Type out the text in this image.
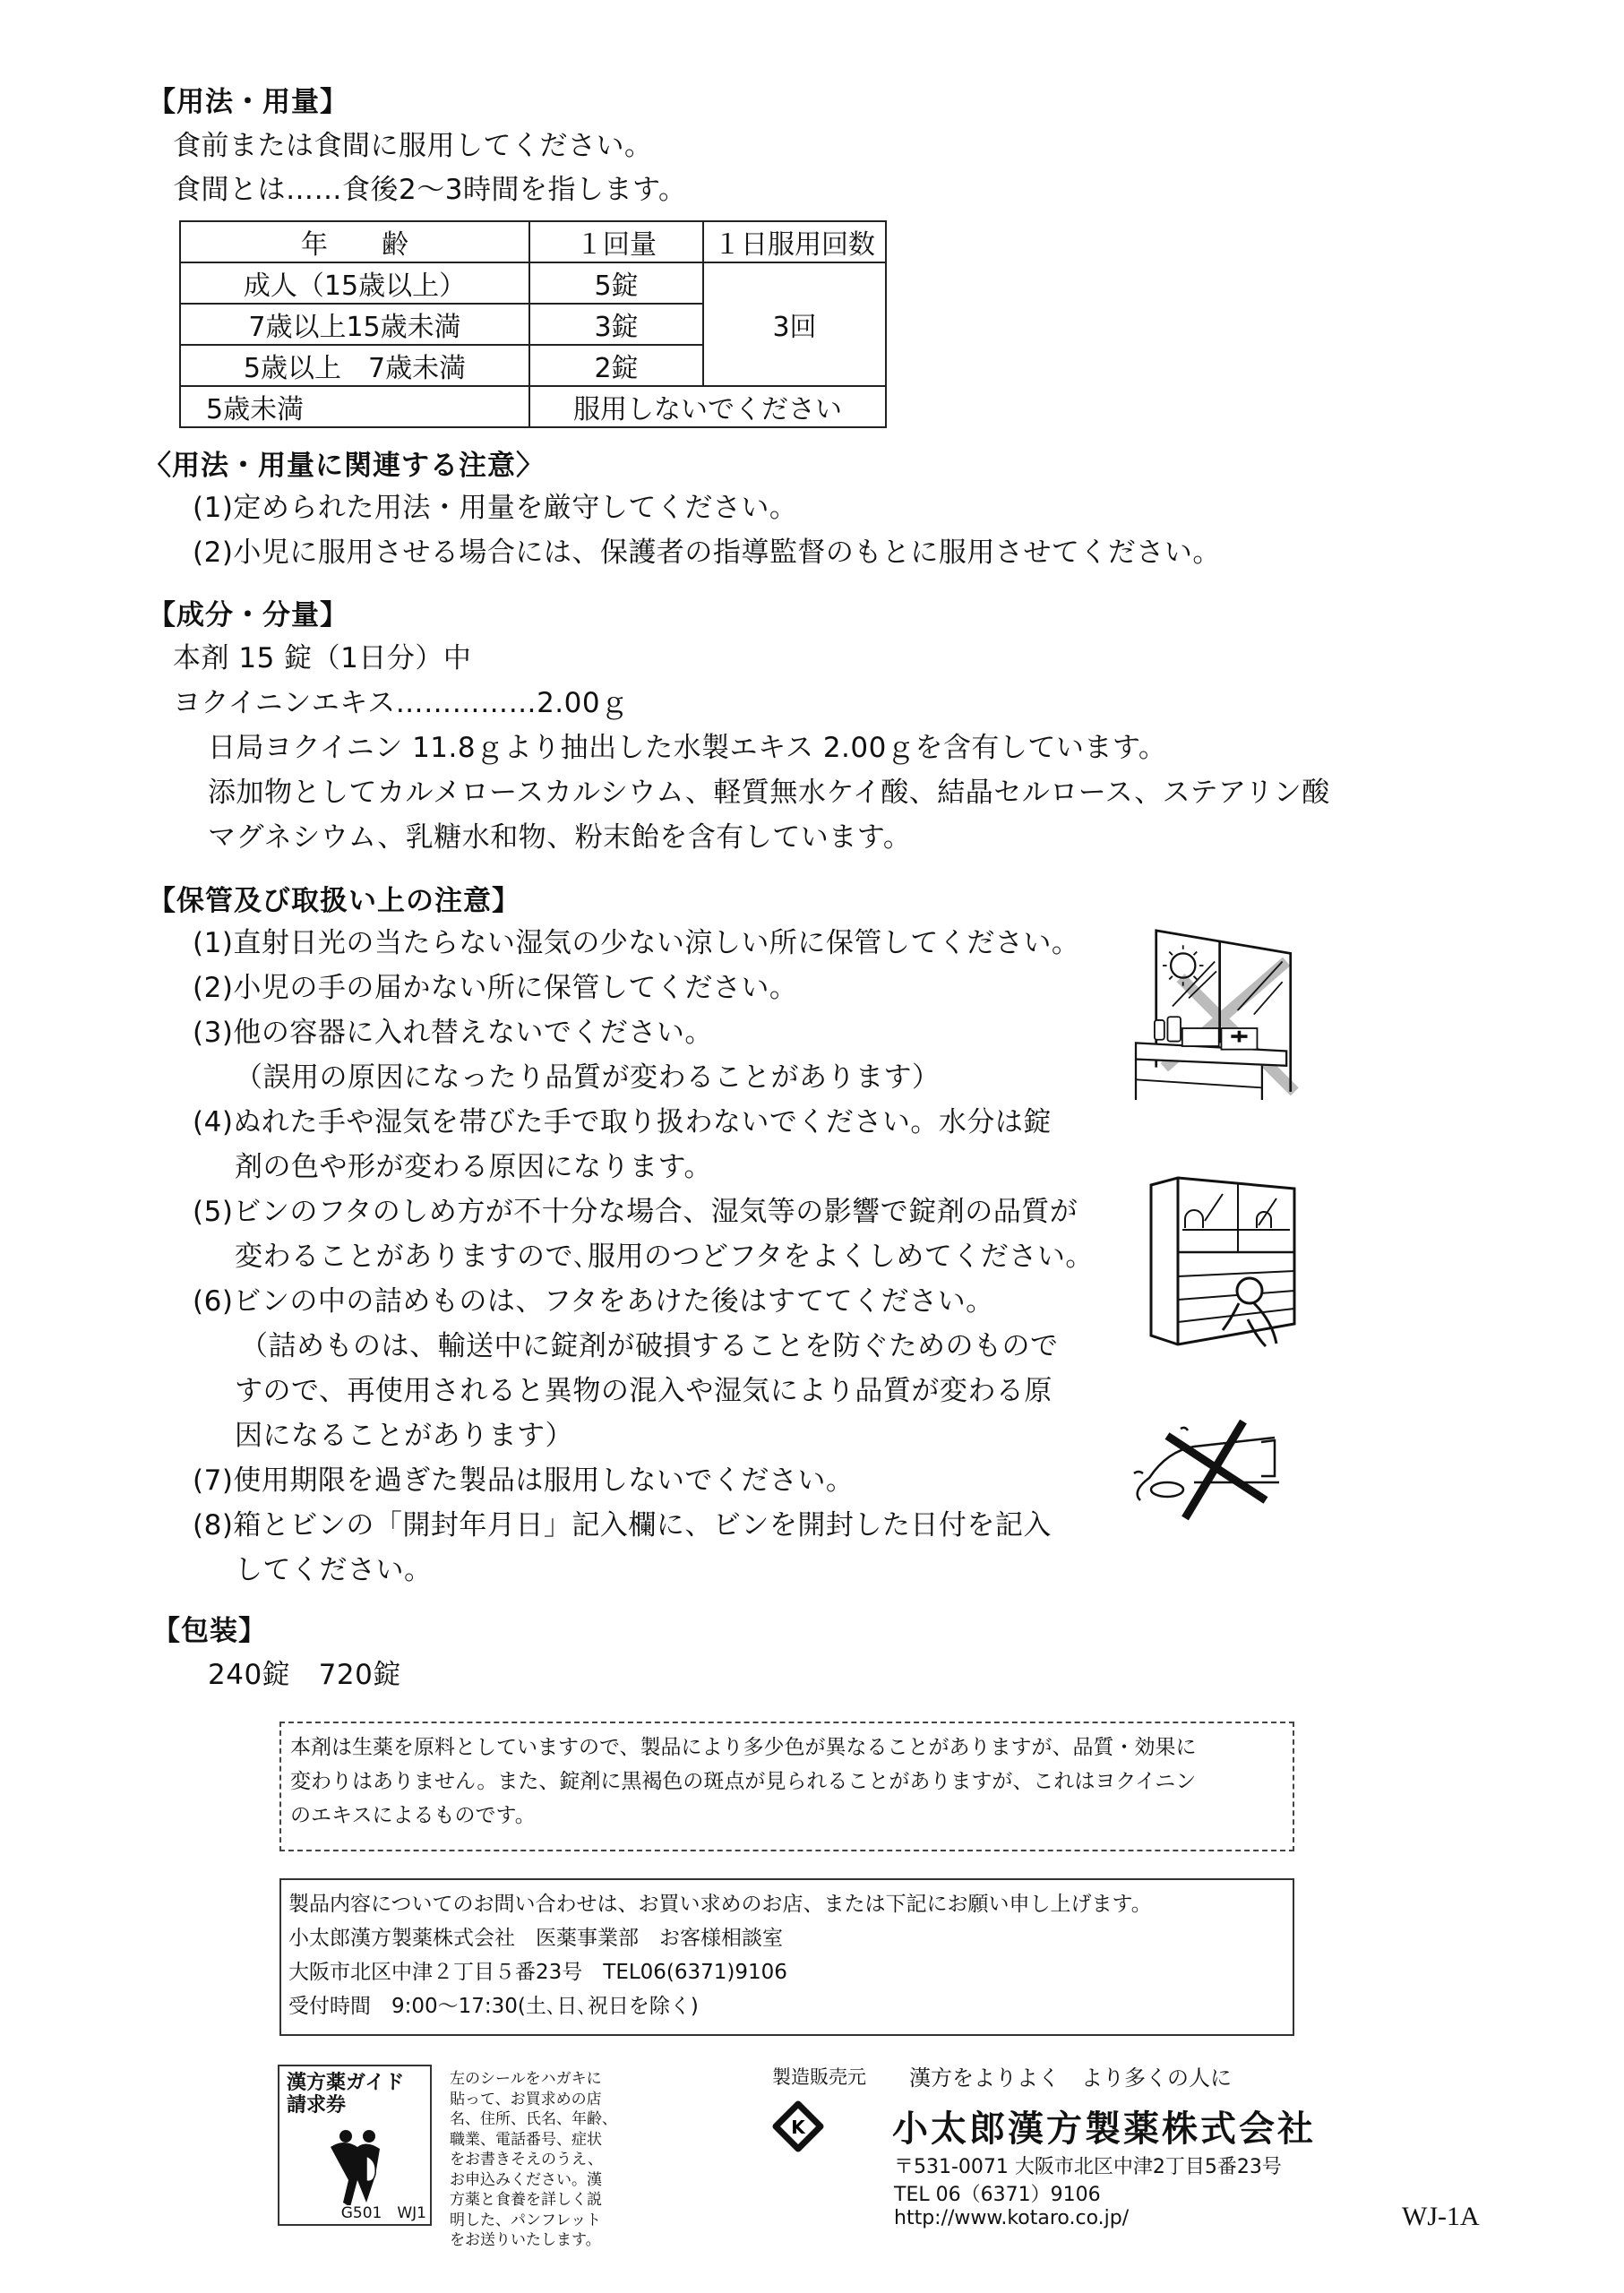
【用法・用量】
食前または食間に服用してください。
食間とは……食後2〜3時間を指します。
年　　齢	１回量	１日服用回数
成人（15歳以上）	5錠	3回
7歳以上15歳未満	3錠	
5歳以上　7歳未満	2錠	
5歳未満	服用しないでください	
〈用法・用量に関連する注意〉
(1)定められた用法・用量を厳守してください。
(2)小児に服用させる場合には、保護者の指導監督のもとに服用させてください。
【成分・分量】
本剤 15 錠（1日分）中
ヨクイニンエキス……………2.00ｇ
日局ヨクイニン 11.8ｇより抽出した水製エキス 2.00ｇを含有しています。
添加物としてカルメロースカルシウム、軽質無水ケイ酸、結晶セルロース、ステアリン酸
マグネシウム、乳糖水和物、粉末飴を含有しています。
【保管及び取扱い上の注意】
(1)直射日光の当たらない湿気の少ない涼しい所に保管してください。
(2)小児の手の届かない所に保管してください。
(3)他の容器に入れ替えないでください。
（誤用の原因になったり品質が変わることがあります）
(4)ぬれた手や湿気を帯びた手で取り扱わないでください。水分は錠
剤の色や形が変わる原因になります。
(5)ビンのフタのしめ方が不十分な場合、湿気等の影響で錠剤の品質が
変わることがありますので､服用のつどフタをよくしめてください。
(6)ビンの中の詰めものは、フタをあけた後はすててください。
（詰めものは、輸送中に錠剤が破損することを防ぐためのもので
すので、再使用されると異物の混入や湿気により品質が変わる原
因になることがあります）
(7)使用期限を過ぎた製品は服用しないでください。
(8)箱とビンの「開封年月日」記入欄に、ビンを開封した日付を記入
してください。
【包装】
240錠　720錠
本剤は生薬を原料としていますので、製品により多少色が異なることがありますが、品質・効果に
変わりはありません。また、錠剤に黒褐色の斑点が見られることがありますが、これはヨクイニン
のエキスによるものです。
製品内容についてのお問い合わせは、お買い求めのお店、または下記にお願い申し上げます。
小太郎漢方製薬株式会社　医薬事業部　お客様相談室
大阪市北区中津２丁目５番23号　TEL06(6371)9106
受付時間　9:00〜17:30(土､日､祝日を除く)
漢方薬ガイド
請求券
G501　WJ1
左のシールをハガキに
貼って、お買求めの店
名、住所、氏名、年齢、
職業、電話番号、症状
をお書きそえのうえ、
お申込みください。漢
方薬と食養を詳しく説
明した、パンフレット
をお送りいたします。
製造販売元 漢方をよりよく　より多くの人に
K 小太郎漢方製薬株式会社
〒531-0071 大阪市北区中津2丁目5番23号
TEL 06（6371）9106
http://www.kotaro.co.jp/	WJ-1A
